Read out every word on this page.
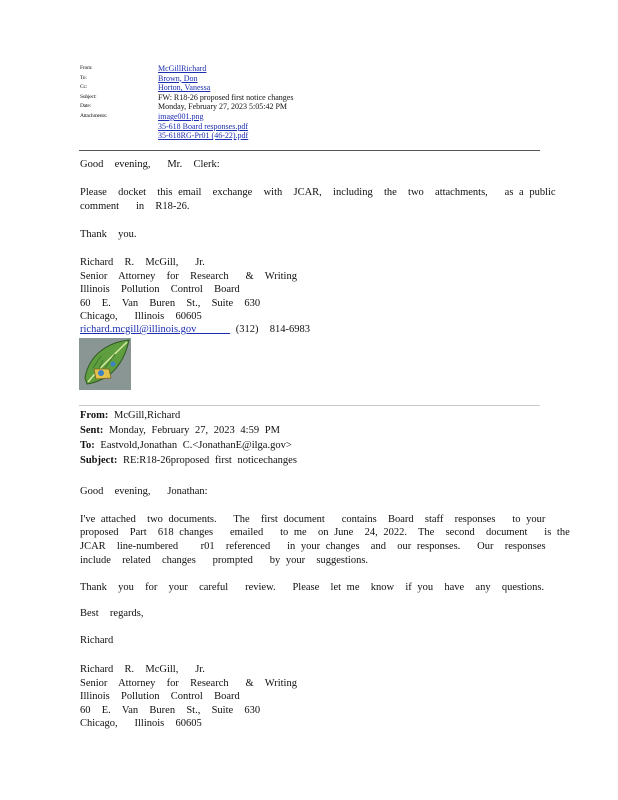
From:	McGillRichard
To:	Brown, Don
Cc:	Horton, Vanessa
Subject:	FW: R18-26 proposed first notice changes
Date:	Monday, February 27, 2023 5:05:42 PM
Attachments:	image001.png
35-618 Board responses.pdf
35-618RG-Pr01 (46-22).pdf

Good  evening,   Mr.  Clerk:

Please  docket  this email  exchange  with  JCAR,  including  the  two  attachments,   as a public

comment   in  R18-26.

Thank  you.

Richard  R.  McGill,   Jr.

Senior  Attorney  for  Research   &  Writing

Illinois  Pollution  Control  Board

60  E.  Van  Buren  St.,  Suite  630

Chicago,   Illinois  60605

richard.mcgill@illinois.gov	(312)  814-6983

From: McGill,Richard

Sent: Monday, February 27, 2023 4:59 PM

To: Eastvold,Jonathan C.<JonathanE@ilga.gov>

Subject: RE:R18-26proposed first noticechanges

Good  evening,   Jonathan:

I've attached  two documents.   The  first document   contains  Board  staff  responses   to your

proposed  Part  618 changes   emailed   to me  on June  24, 2022.  The  second  document   is the

JCAR  line-numbered    r01  referenced   in your changes  and  our responses.   Our  responses

include  related  changes   prompted   by your  suggestions.

Thank  you  for  your  careful   review.   Please  let me  know  if you  have  any  questions.

Best  regards,

Richard

Richard  R.  McGill,   Jr.

Senior  Attorney  for  Research   &  Writing

Illinois  Pollution  Control  Board

60  E.  Van  Buren  St.,  Suite  630

Chicago,   Illinois  60605
